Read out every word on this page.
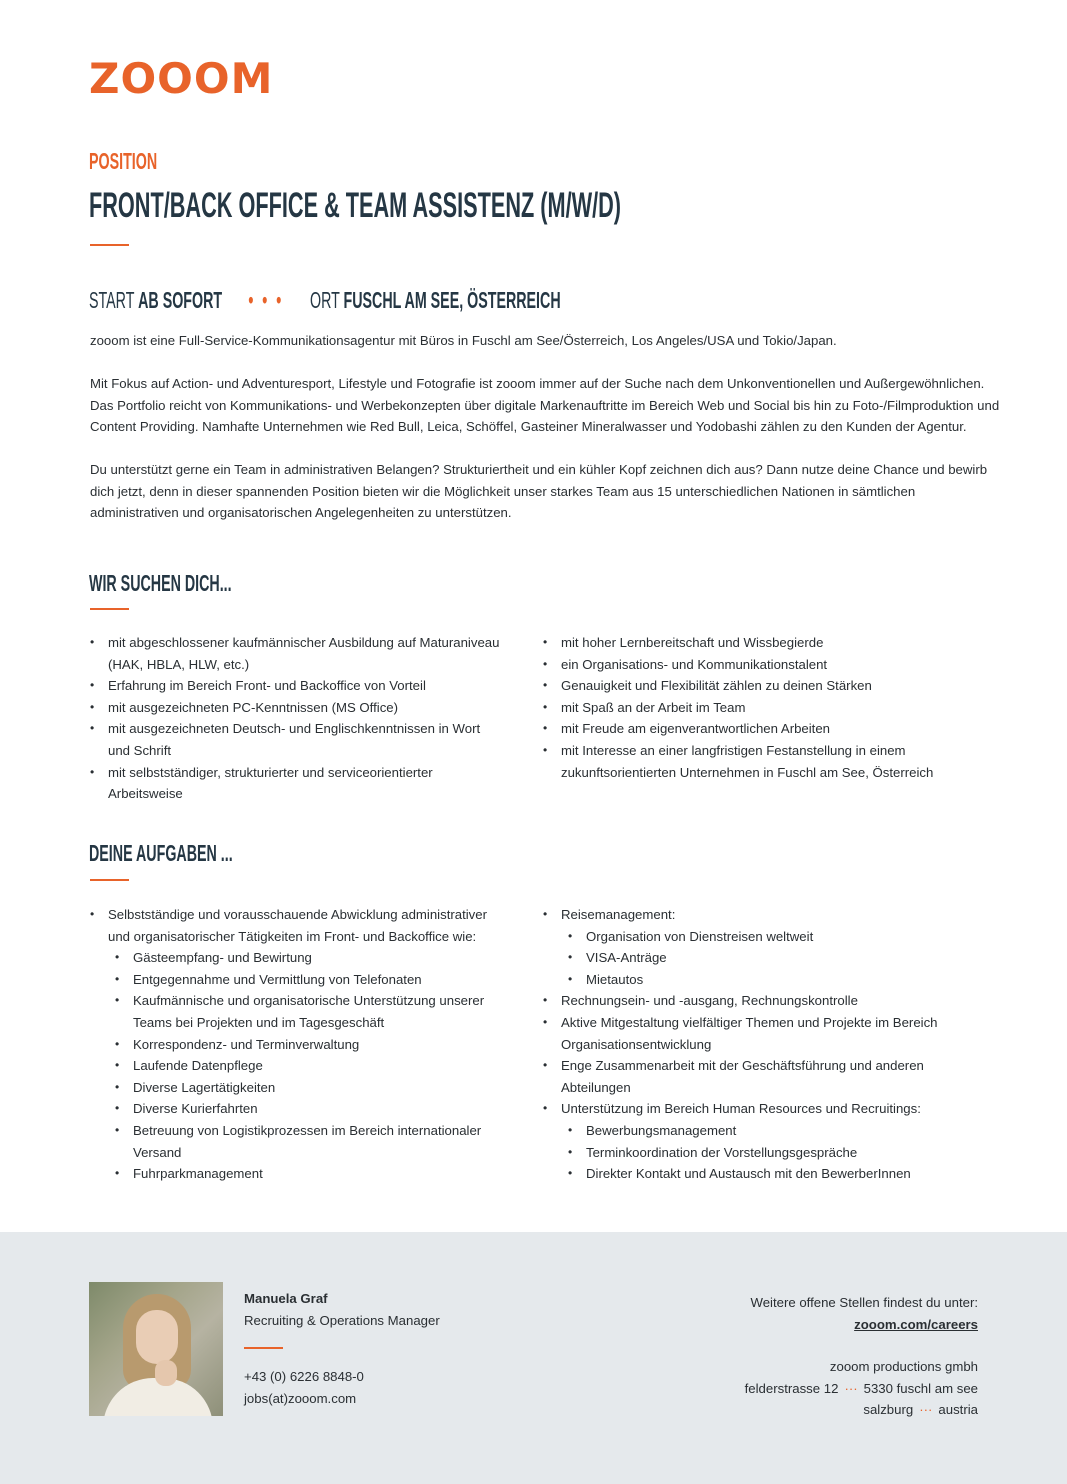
ZOOOM
POSITION
FRONT/BACK OFFICE & TEAM ASSISTENZ (M/W/D)
START AB SOFORT • • • ORT FUSCHL AM SEE, ÖSTERREICH
zooom ist eine Full-Service-Kommunikationsagentur mit Büros in Fuschl am See/Österreich, Los Angeles/USA und Tokio/Japan.
Mit Fokus auf Action- und Adventuresport, Lifestyle und Fotografie ist zooom immer auf der Suche nach dem Unkonventionellen und Außergewöhnlichen. Das Portfolio reicht von Kommunikations- und Werbekonzepten über digitale Markenauftritte im Bereich Web und Social bis hin zu Foto-/Filmproduktion und Content Providing. Namhafte Unternehmen wie Red Bull, Leica, Schöffel, Gasteiner Mineralwasser und Yodobashi zählen zu den Kunden der Agentur.
Du unterstützt gerne ein Team in administrativen Belangen? Strukturiertheit und ein kühler Kopf zeichnen dich aus? Dann nutze deine Chance und bewirb dich jetzt, denn in dieser spannenden Position bieten wir die Möglichkeit unser starkes Team aus 15 unterschiedlichen Nationen in sämtlichen administrativen und organisatorischen Angelegenheiten zu unterstützen.
WIR SUCHEN DICH...
• mit abgeschlossener kaufmännischer Ausbildung auf Maturaniveau (HAK, HBLA, HLW, etc.)
• Erfahrung im Bereich Front- und Backoffice von Vorteil
• mit ausgezeichneten PC-Kenntnissen (MS Office)
• mit ausgezeichneten Deutsch- und Englischkenntnissen in Wort und Schrift
• mit selbstständiger, strukturierter und serviceorientierter Arbeitsweise
• mit hoher Lernbereitschaft und Wissbegierde
• ein Organisations- und Kommunikationstalent
• Genauigkeit und Flexibilität zählen zu deinen Stärken
• mit Spaß an der Arbeit im Team
• mit Freude am eigenverantwortlichen Arbeiten
• mit Interesse an einer langfristigen Festanstellung in einem zukunftsorientierten Unternehmen in Fuschl am See, Österreich
DEINE AUFGABEN ...
• Selbstständige und vorausschauende Abwicklung administrativer und organisatorischer Tätigkeiten im Front- und Backoffice wie:
• Gästeempfang- und Bewirtung
• Entgegennahme und Vermittlung von Telefonaten
• Kaufmännische und organisatorische Unterstützung unserer Teams bei Projekten und im Tagesgeschäft
• Korrespondenz- und Terminverwaltung
• Laufende Datenpflege
• Diverse Lagertätigkeiten
• Diverse Kurierfahrten
• Betreuung von Logistikprozessen im Bereich internationaler Versand
• Fuhrparkmanagement
• Reisemanagement:
• Organisation von Dienstreisen weltweit
• VISA-Anträge
• Mietautos
• Rechnungsein- und -ausgang, Rechnungskontrolle
• Aktive Mitgestaltung vielfältiger Themen und Projekte im Bereich Organisationsentwicklung
• Enge Zusammenarbeit mit der Geschäftsführung und anderen Abteilungen
• Unterstützung im Bereich Human Resources und Recruitings:
• Bewerbungsmanagement
• Terminkoordination der Vorstellungsgespräche
• Direkter Kontakt und Austausch mit den BewerberInnen
Manuela Graf
Recruiting & Operations Manager
+43 (0) 6226 8848-0
jobs(at)zooom.com
Weitere offene Stellen findest du unter:
zooom.com/careers
zooom productions gmbh
felderstrasse 12 ··· 5330 fuschl am see
salzburg ··· austria
